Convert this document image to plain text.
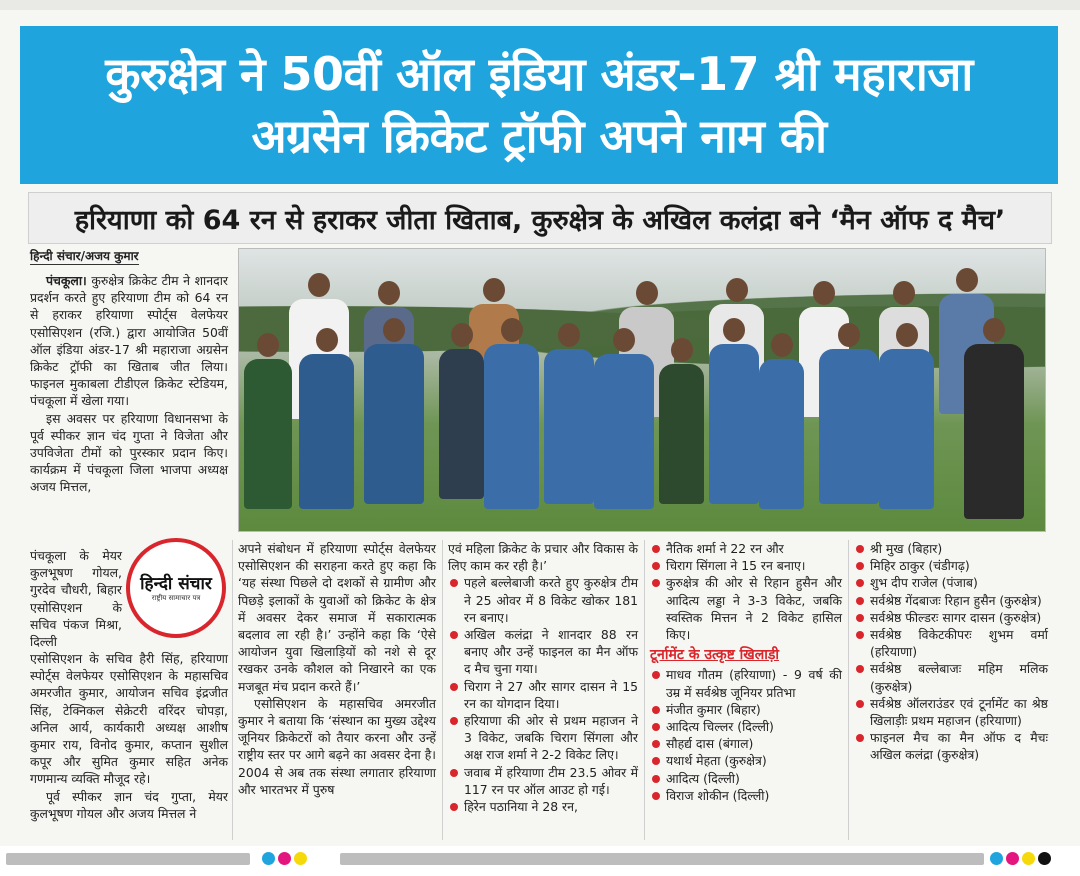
कुरुक्षेत्र ने 50वीं ऑल इंडिया अंडर-17 श्री महाराजा
अग्रसेन क्रिकेट ट्रॉफी अपने नाम की
हरियाणा को 64 रन से हराकर जीता खिताब, कुरुक्षेत्र के अखिल कलंद्रा बने ‘मैन ऑफ द मैच’
हिन्दी संचार/अजय कुमार

पंचकूला। कुरुक्षेत्र क्रिकेट टीम ने शानदार प्रदर्शन करते हुए हरियाणा टीम को 64 रन से हराकर हरियाणा स्पोर्ट्स वेलफेयर एसोसिएशन (रजि.) द्वारा आयोजित 50वीं ऑल इंडिया अंडर-17 श्री महाराजा अग्रसेन क्रिकेट ट्रॉफी का खिताब जीत लिया। फाइनल मुकाबला टीडीएल क्रिकेट स्टेडियम, पंचकूला में खेला गया।

इस अवसर पर हरियाणा विधानसभा के पूर्व स्पीकर ज्ञान चंद गुप्ता ने विजेता और उपविजेता टीमों को पुरस्कार प्रदान किए। कार्यक्रम में पंचकूला जिला भाजपा अध्यक्ष अजय मित्तल,

पंचकूला के मेयर कुलभूषण गोयल, गुरदेव चौधरी, बिहार एसोसिएशन के सचिव पंकज मिश्रा, दिल्ली

एसोसिएशन के सचिव हैरी सिंह, हरियाणा स्पोर्ट्स वेलफेयर एसोसिएशन के महासचिव अमरजीत कुमार, आयोजन सचिव इंद्रजीत सिंह, टेक्निकल सेक्रेटरी वरिंदर चोपड़ा, अनिल आर्य, कार्यकारी अध्यक्ष आशीष कुमार राय, विनोद कुमार, कप्तान सुशील कपूर और सुमित कुमार सहित अनेक गणमान्य व्यक्ति मौजूद रहे।

पूर्व स्पीकर ज्ञान चंद गुप्ता, मेयर कुलभूषण गोयल और अजय मित्तल ने

हिन्दी संचार
राष्ट्रीय सामाचार पत्र

अपने संबोधन में हरियाणा स्पोर्ट्स वेलफेयर एसोसिएशन की सराहना करते हुए कहा कि ‘यह संस्था पिछले दो दशकों से ग्रामीण और पिछड़े इलाकों के युवाओं को क्रिकेट के क्षेत्र में अवसर देकर समाज में सकारात्मक बदलाव ला रही है।’ उन्होंने कहा कि ‘ऐसे आयोजन युवा खिलाड़ियों को नशे से दूर रखकर उनके कौशल को निखारने का एक मजबूत मंच प्रदान करते हैं।’

एसोसिएशन के महासचिव अमरजीत कुमार ने बताया कि ‘संस्थान का मुख्य उद्देश्य जूनियर क्रिकेटरों को तैयार करना और उन्हें राष्ट्रीय स्तर पर आगे बढ़ने का अवसर देना है। 2004 से अब तक संस्था लगातार हरियाणा और भारतभर में पुरुष

एवं महिला क्रिकेट के प्रचार और विकास के लिए काम कर रही है।’

पहले बल्लेबाजी करते हुए कुरुक्षेत्र टीम ने 25 ओवर में 8 विकेट खोकर 181 रन बनाए।
अखिल कलंद्रा ने शानदार 88 रन बनाए और उन्हें फाइनल का मैन ऑफ द मैच चुना गया।
चिराग ने 27 और सागर दासन ने 15 रन का योगदान दिया।
हरियाणा की ओर से प्रथम महाजन ने 3 विकेट, जबकि चिराग सिंगला और अक्ष राज शर्मा ने 2-2 विकेट लिए।
जवाब में हरियाणा टीम 23.5 ओवर में 117 रन पर ऑल आउट हो गई।
हिरेन पठानिया ने 28 रन,
नैतिक शर्मा ने 22 रन और
चिराग सिंगला ने 15 रन बनाए।
कुरुक्षेत्र की ओर से रिहान हुसैन और आदित्य लड्डा ने 3-3 विकेट, जबकि स्वस्तिक मित्तन ने 2 विकेट हासिल किए।
टूर्नामेंट के उत्कृष्ट खिलाड़ी
माधव गौतम (हरियाणा) - 9 वर्ष की उम्र में सर्वश्रेष्ठ जूनियर प्रतिभा
मंजीत कुमार (बिहार)
आदित्य चिल्लर (दिल्ली)
सौहर्द्य दास (बंगाल)
यथार्थ मेहता (कुरुक्षेत्र)
आदित्य (दिल्ली)
विराज शोकीन (दिल्ली)
श्री मुख (बिहार)
मिहिर ठाकुर (चंडीगढ़)
शुभ दीप राजेल (पंजाब)
सर्वश्रेष्ठ गेंदबाजः रिहान हुसैन (कुरुक्षेत्र)
सर्वश्रेष्ठ फील्डरः सागर दासन (कुरुक्षेत्र)
सर्वश्रेष्ठ विकेटकीपरः शुभम वर्मा (हरियाणा)
सर्वश्रेष्ठ बल्लेबाजः महिम मलिक (कुरुक्षेत्र)
सर्वश्रेष्ठ ऑलराउंडर एवं टूर्नामेंट का श्रेष्ठ खिलाड़ीः प्रथम महाजन (हरियाणा)
फाइनल मैच का मैन ऑफ द मैचः अखिल कलंद्रा (कुरुक्षेत्र)
